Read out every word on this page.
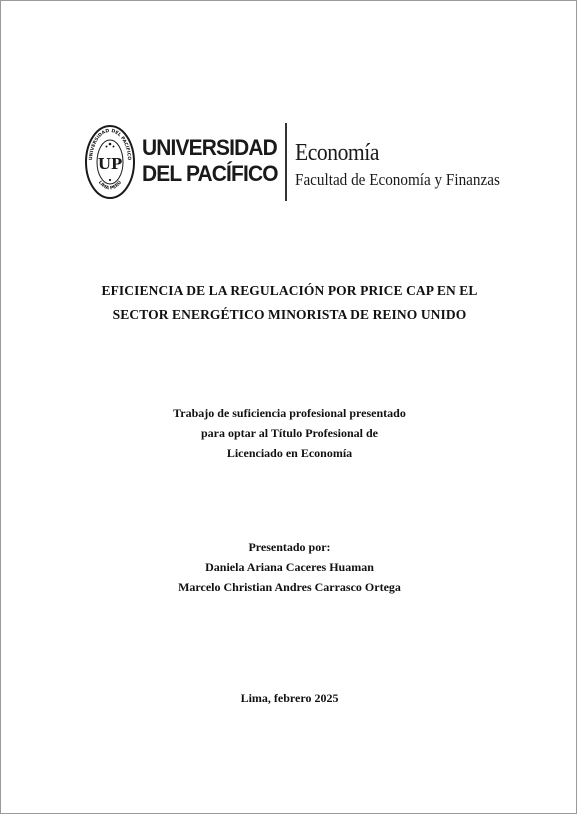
UNIVERSIDAD DEL PACÍFICO
LIMA PERÚ
UP
UNIVERSIDAD
DEL PACÍFICO
Economía
Facultad de Economía y Finanzas
EFICIENCIA DE LA REGULACIÓN POR PRICE CAP EN EL
SECTOR ENERGÉTICO MINORISTA DE REINO UNIDO
Trabajo de suficiencia profesional presentado
para optar al Título Profesional de
Licenciado en Economía
Presentado por:
Daniela Ariana Caceres Huaman
Marcelo Christian Andres Carrasco Ortega
Lima, febrero 2025
